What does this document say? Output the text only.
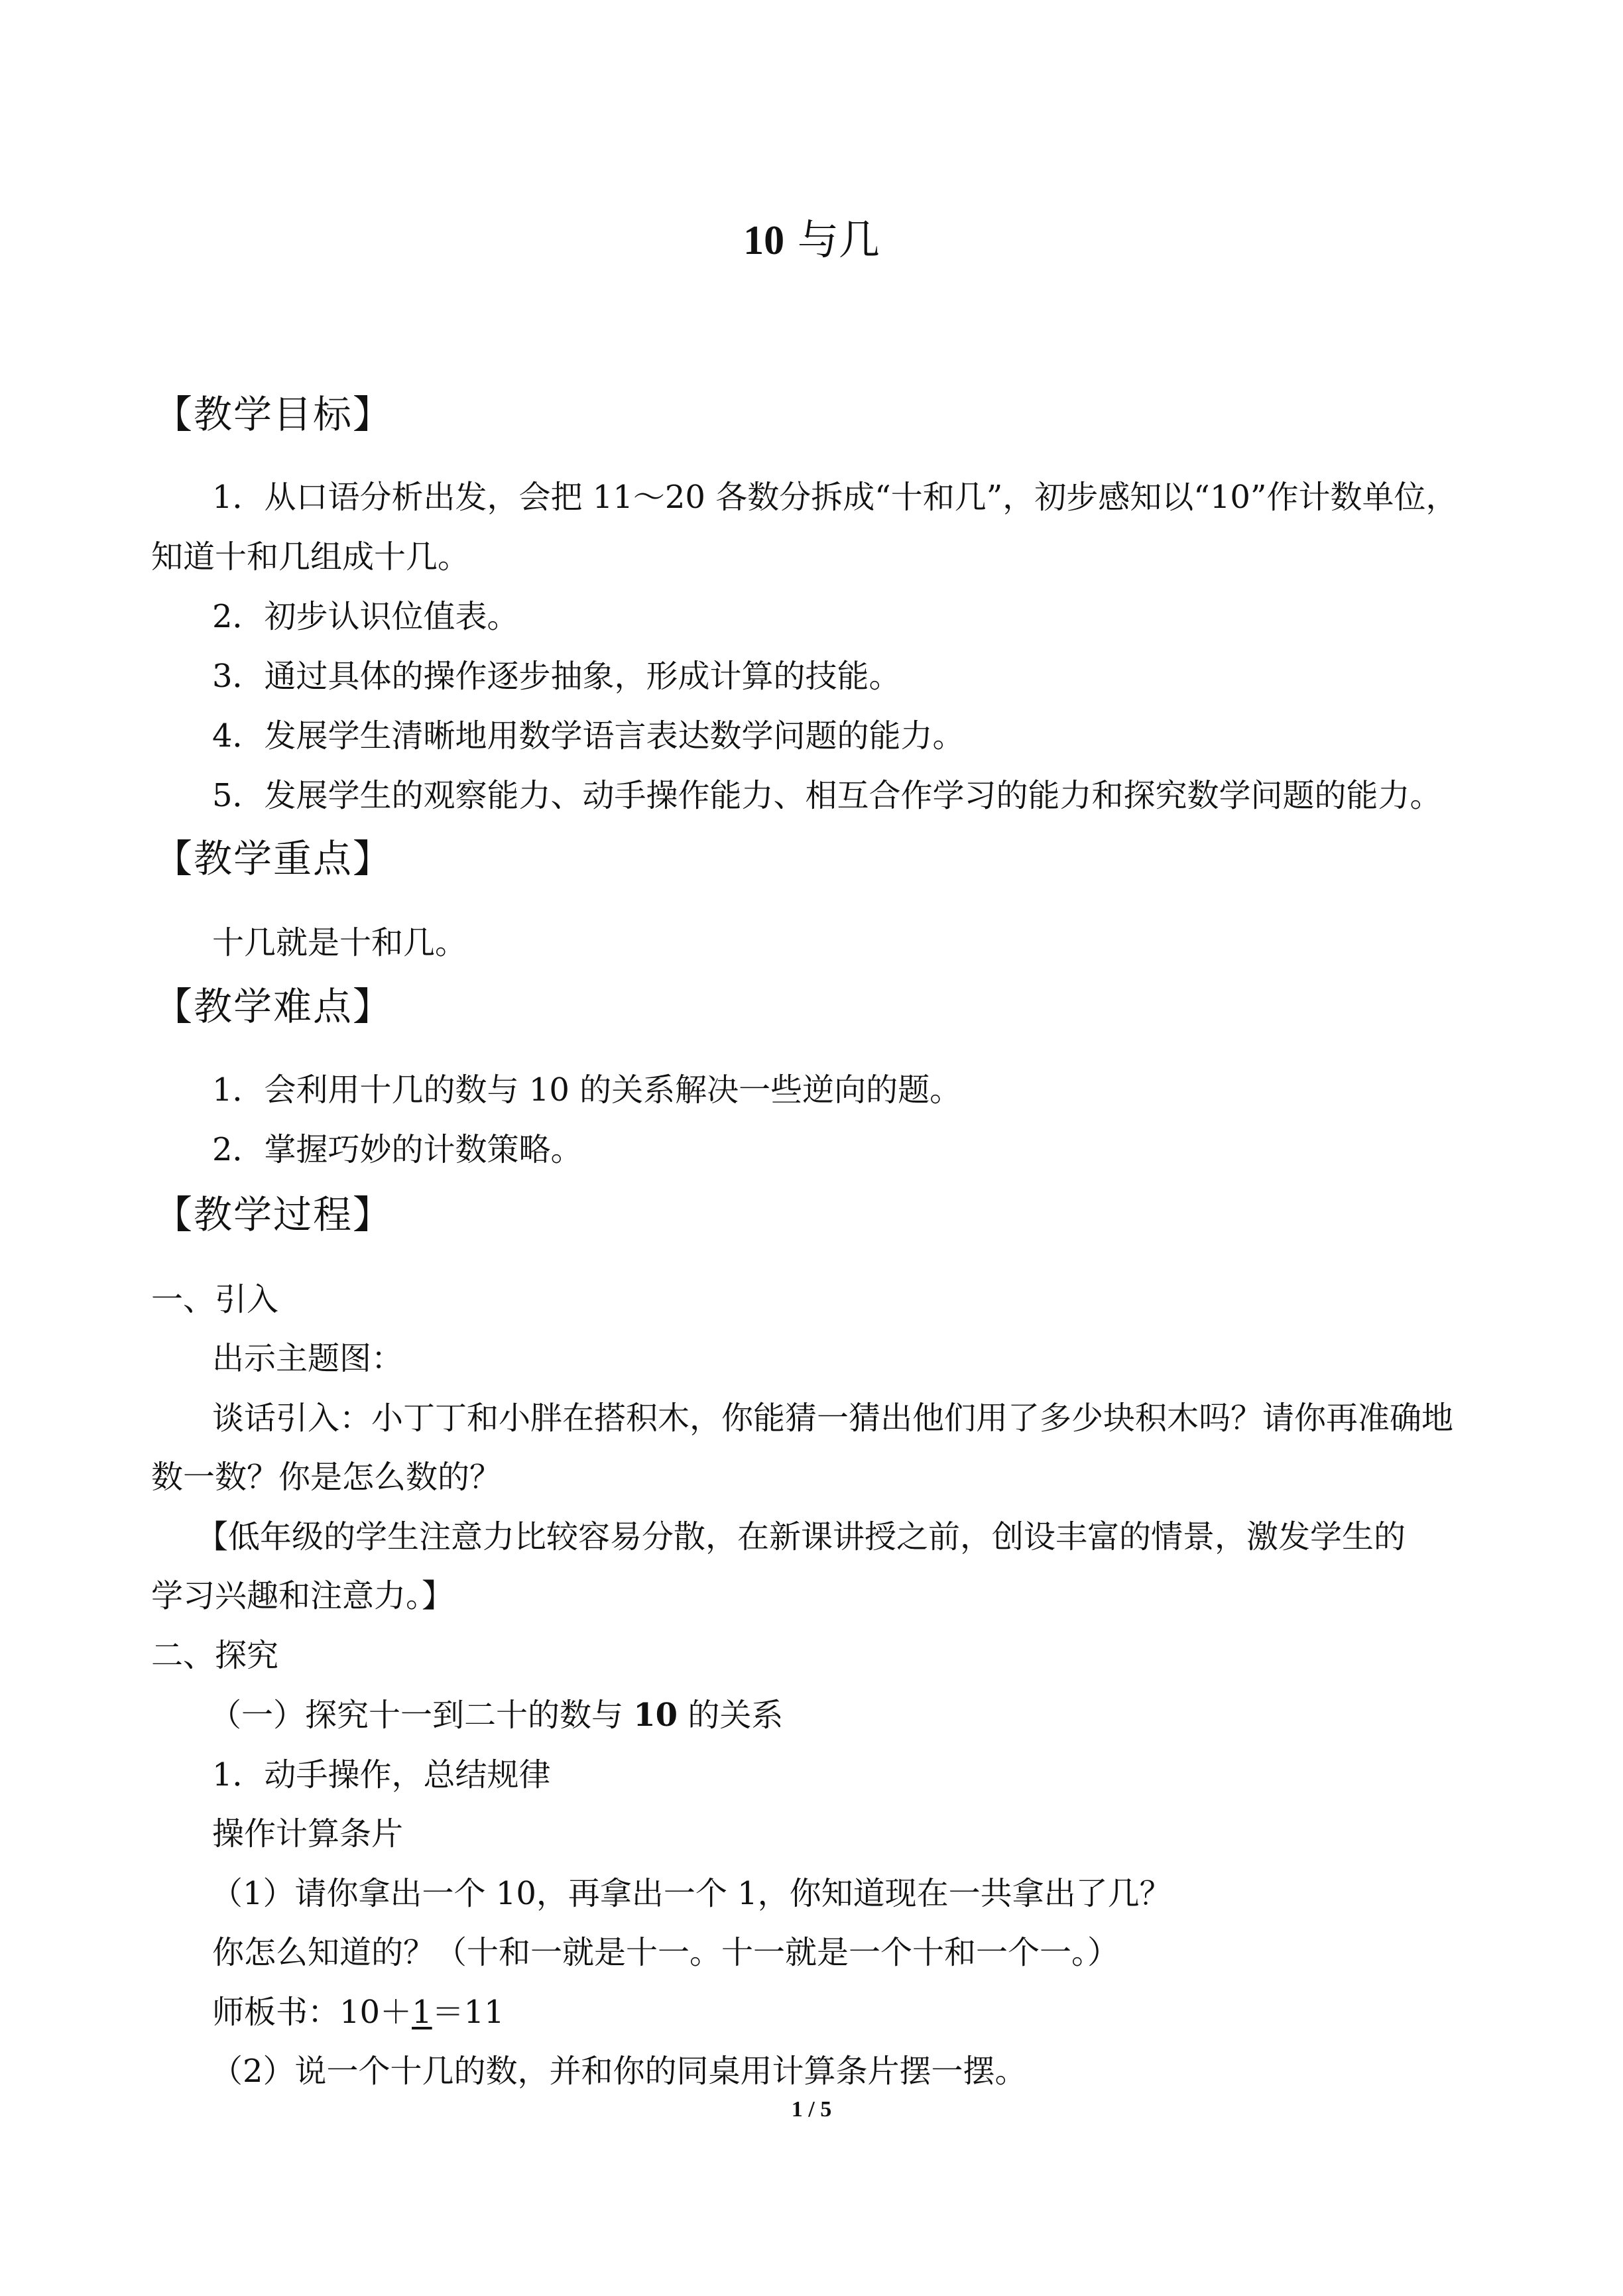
10 与几
【教学目标】
1．从口语分析出发，会把 11～20 各数分拆成“十和几”，初步感知以“10”作计数单位，
知道十和几组成十几。
2．初步认识位值表。
3．通过具体的操作逐步抽象，形成计算的技能。
4．发展学生清晰地用数学语言表达数学问题的能力。
5．发展学生的观察能力、动手操作能力、相互合作学习的能力和探究数学问题的能力。
【教学重点】
十几就是十和几。
【教学难点】
1．会利用十几的数与 10 的关系解决一些逆向的题。
2．掌握巧妙的计数策略。
【教学过程】
一、引入
出示主题图：
谈话引入：小丁丁和小胖在搭积木，你能猜一猜出他们用了多少块积木吗？请你再准确地
数一数？你是怎么数的？
【低年级的学生注意力比较容易分散，在新课讲授之前，创设丰富的情景，激发学生的
学习兴趣和注意力。】
二、探究
（一）探究十一到二十的数与 10 的关系
1．动手操作，总结规律
操作计算条片
（1）请你拿出一个 10，再拿出一个 1，你知道现在一共拿出了几？
你怎么知道的？（十和一就是十一。十一就是一个十和一个一。）
师板书：10＋1＝11
（2）说一个十几的数，并和你的同桌用计算条片摆一摆。
1 / 5
